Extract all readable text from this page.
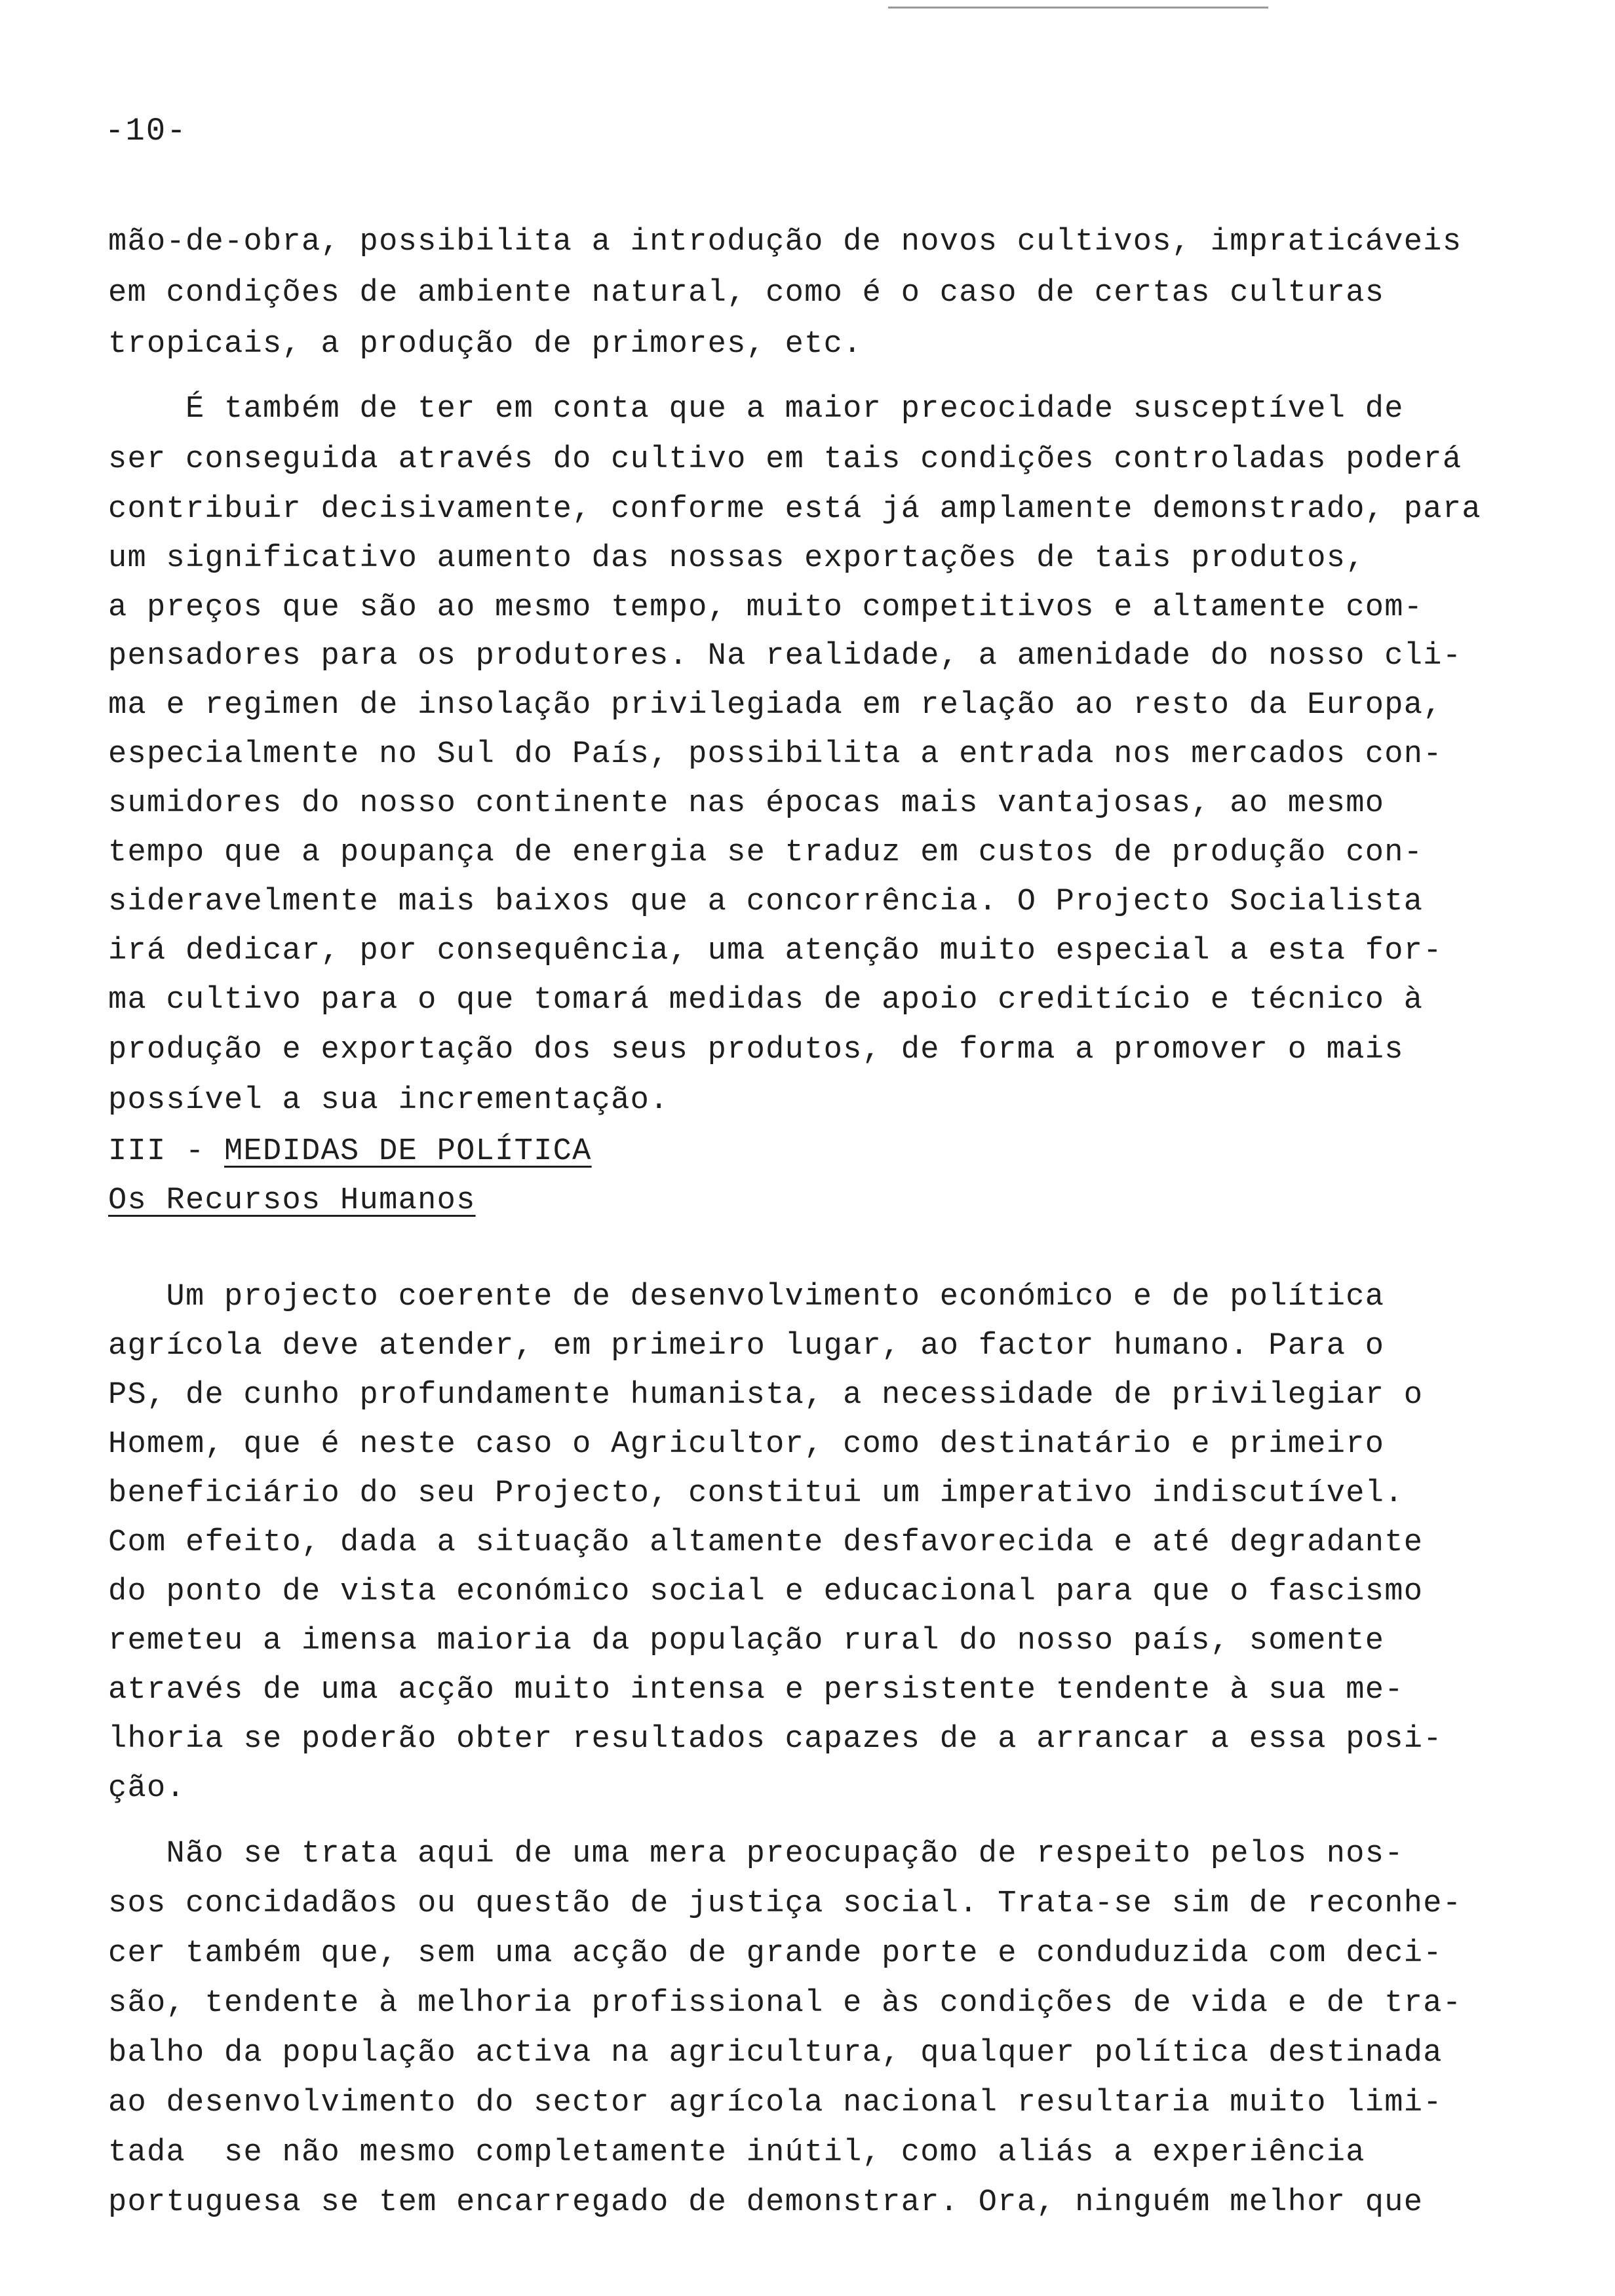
-10-
mão-de-obra, possibilita a introdução de novos cultivos, impraticáveis
em condições de ambiente natural, como é o caso de certas culturas
tropicais, a produção de primores, etc.
É também de ter em conta que a maior precocidade susceptível de
ser conseguida através do cultivo em tais condições controladas poderá
contribuir decisivamente, conforme está já amplamente demonstrado, para
um significativo aumento das nossas exportações de tais produtos,
a preços que são ao mesmo tempo, muito competitivos e altamente com-
pensadores para os produtores. Na realidade, a amenidade do nosso cli-
ma e regimen de insolação privilegiada em relação ao resto da Europa,
especialmente no Sul do País, possibilita a entrada nos mercados con-
sumidores do nosso continente nas épocas mais vantajosas, ao mesmo
tempo que a poupança de energia se traduz em custos de produção con-
sideravelmente mais baixos que a concorrência. O Projecto Socialista
irá dedicar, por consequência, uma atenção muito especial a esta for-
ma cultivo para o que tomará medidas de apoio creditício e técnico à
produção e exportação dos seus produtos, de forma a promover o mais
possível a sua incrementação.
III - MEDIDAS DE POLÍTICA
Os Recursos Humanos
Um projecto coerente de desenvolvimento económico e de política
agrícola deve atender, em primeiro lugar, ao factor humano. Para o
PS, de cunho profundamente humanista, a necessidade de privilegiar o
Homem, que é neste caso o Agricultor, como destinatário e primeiro
beneficiário do seu Projecto, constitui um imperativo indiscutível.
Com efeito, dada a situação altamente desfavorecida e até degradante
do ponto de vista económico social e educacional para que o fascismo
remeteu a imensa maioria da população rural do nosso país, somente
através de uma acção muito intensa e persistente tendente à sua me-
lhoria se poderão obter resultados capazes de a arrancar a essa posi-
ção.
Não se trata aqui de uma mera preocupação de respeito pelos nos-
sos concidadãos ou questão de justiça social. Trata-se sim de reconhe-
cer também que, sem uma acção de grande porte e conduduzida com deci-
são, tendente à melhoria profissional e às condições de vida e de tra-
balho da população activa na agricultura, qualquer política destinada
ao desenvolvimento do sector agrícola nacional resultaria muito limi-
tada  se não mesmo completamente inútil, como aliás a experiência
portuguesa se tem encarregado de demonstrar. Ora, ninguém melhor que
